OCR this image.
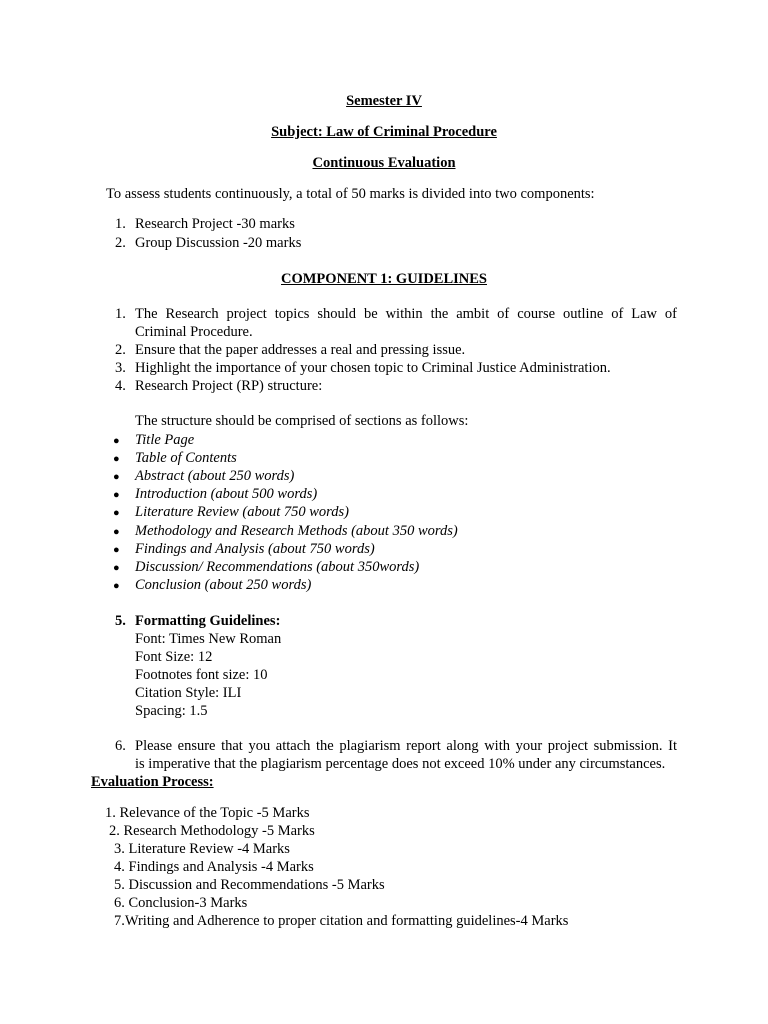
Semester IV
Subject: Law of Criminal Procedure
Continuous Evaluation
To assess students continuously, a total of 50 marks is divided into two components:
1. Research Project -30 marks
2. Group Discussion -20 marks
COMPONENT 1: GUIDELINES
1. The Research project topics should be within the ambit of course outline of Law of
Criminal Procedure.
2. Ensure that the paper addresses a real and pressing issue.
3. Highlight the importance of your chosen topic to Criminal Justice Administration.
4. Research Project (RP) structure:
The structure should be comprised of sections as follows:
● Title Page
● Table of Contents
● Abstract (about 250 words)
● Introduction (about 500 words)
● Literature Review (about 750 words)
● Methodology and Research Methods (about 350 words)
● Findings and Analysis (about 750 words)
● Discussion/ Recommendations (about 350words)
● Conclusion (about 250 words)
5. Formatting Guidelines:
Font: Times New Roman
Font Size: 12
Footnotes font size: 10
Citation Style: ILI
Spacing: 1.5
6. Please ensure that you attach the plagiarism report along with your project submission. It
is imperative that the plagiarism percentage does not exceed 10% under any circumstances.
Evaluation Process:
1. Relevance of the Topic -5 Marks
2. Research Methodology -5 Marks
3. Literature Review -4 Marks
4. Findings and Analysis -4 Marks
5. Discussion and Recommendations -5 Marks
6. Conclusion-3 Marks
7.Writing and Adherence to proper citation and formatting guidelines-4 Marks
